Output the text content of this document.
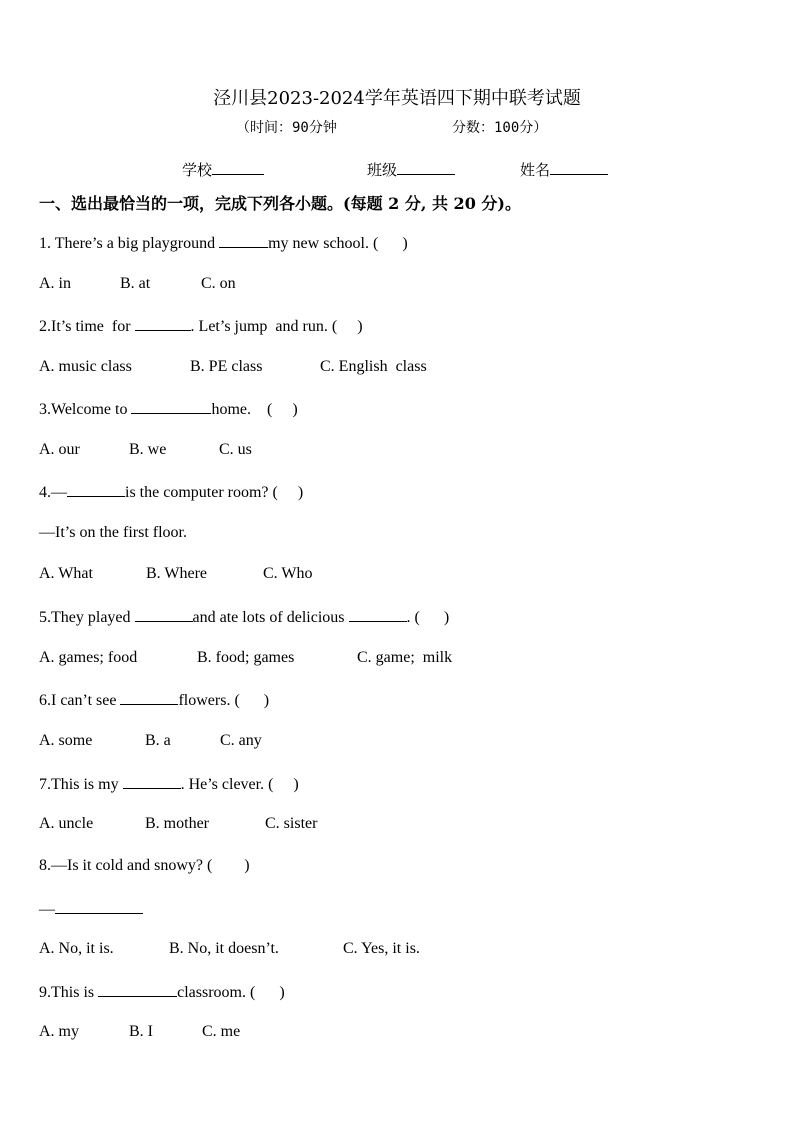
泾川县2023-2024学年英语四下期中联考试题
（时间：90分钟	分数：100分）
学校	班级	姓名
一、选出最恰当的一项，完成下列各小题。(每题 2 分, 共 20 分)。
1. There’s a big playground	my new school. (      )
A. in	B. at	C. on
2.It’s time  for	. Let’s jump  and run. (     )
A. music class	B. PE class	C. English  class
3.Welcome to	home.    (     )
A. our	B. we	C. us
4.—	is the computer room? (     )
—It’s on the first floor.
A. What	B. Where	C. Who
5.They played	and ate lots of delicious	. (      )
A. games; food	B. food; games	C. game;  milk
6.I can’t see	flowers. (      )
A. some	B. a	C. any
7.This is my	. He’s clever. (     )
A. uncle	B. mother	C. sister
8.—Is it cold and snowy? (        )
—
A. No, it is.	B. No, it doesn’t.	C. Yes, it is.
9.This is	classroom. (      )
A. my	B. I	C. me
